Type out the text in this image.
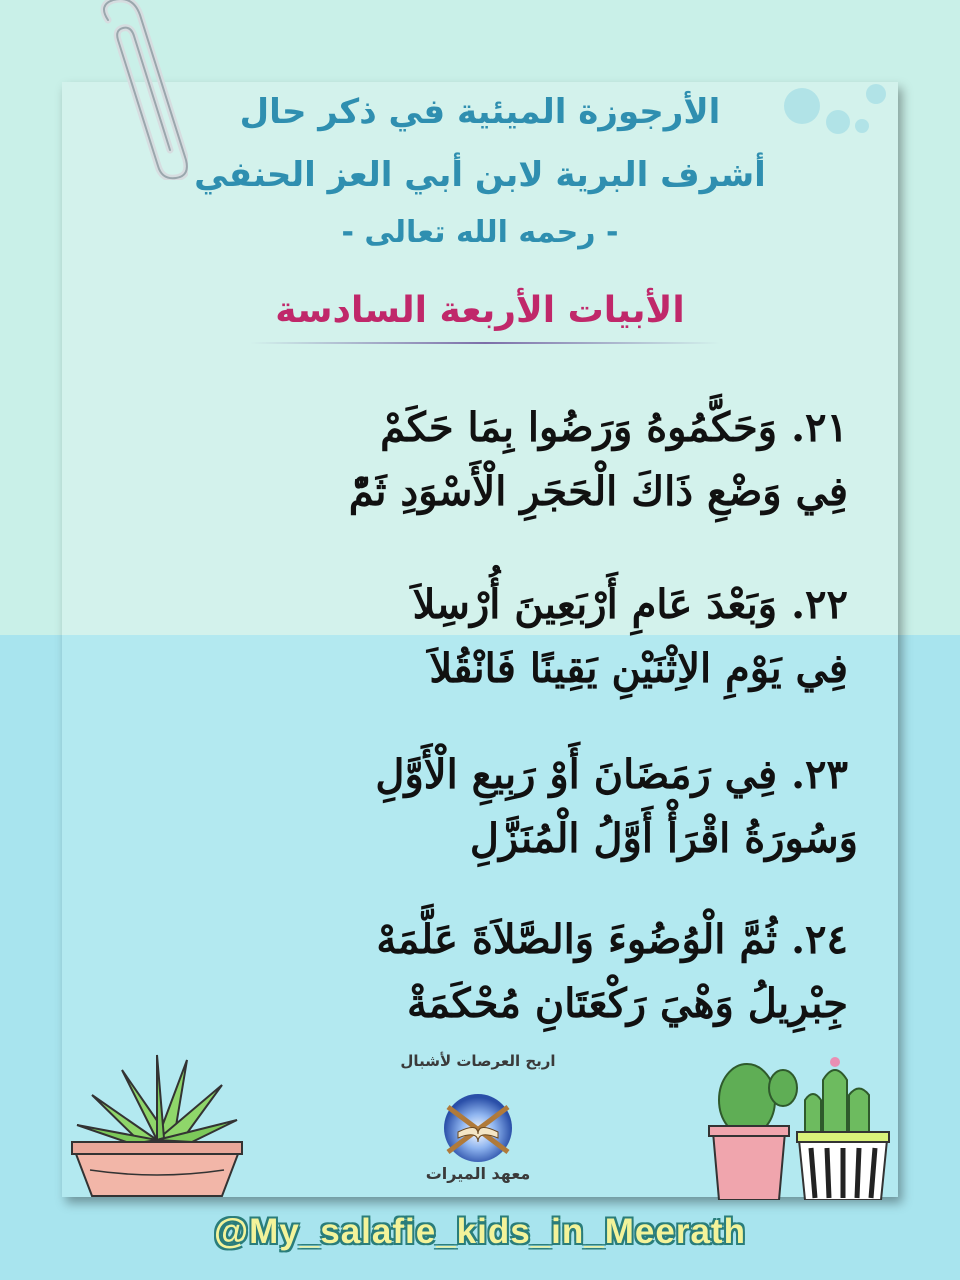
الأرجوزة الميئية في ذكر حال
أشرف البرية لابن أبي العز الحنفي
- رحمه الله تعالى -
الأبيات الأربعة السادسة
٢١.وَحَكَّمُوهُ وَرَضُوا بِمَا حَكَمْ
فِي وَضْعِ ذَاكَ الْحَجَرِ الْأَسْوَدِ ثَمّْ
٢٢.وَبَعْدَ عَامِ أَرْبَعِينَ أُرْسِلاَ
فِي يَوْمِ الاِثْنَيْنِ يَقِينًا فَانْقُلاَ
٢٣.فِي رَمَضَانَ أَوْ رَبِيعِ الْأَوَّلِ
وَسُورَةُ اقْرَأْ أَوَّلُ الْمُنَزَّلِ
٢٤.ثُمَّ الْوُضُوءَ وَالصَّلاَةَ عَلَّمَهْ
جِبْرِيلُ وَهْيَ رَكْعَتَانِ مُحْكَمَةْ
اربح العرصات لأشبال
معهد الميرات
@My_salafie_kids_in_Meerath
